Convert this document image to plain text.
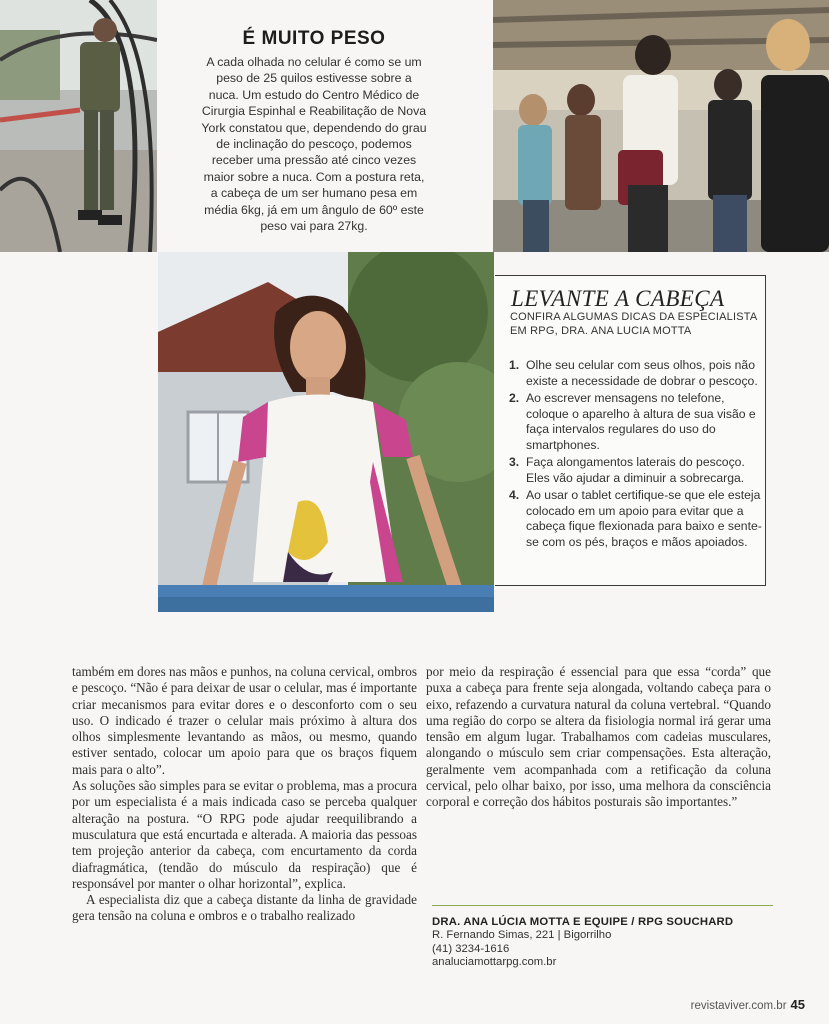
É MUITO PESO

A cada olhada no celular é como se um peso de 25 quilos estivesse sobre a nuca. Um estudo do Centro Médico de Cirurgia Espinhal e Reabilitação de Nova York constatou que, dependendo do grau de inclinação do pescoço, podemos receber uma pressão até cinco vezes maior sobre a nuca. Com a postura reta, a cabeça de um ser humano pesa em média 6kg, já em um ângulo de 60º este peso vai para 27kg.

LEVANTE A CABEÇA
CONFIRA ALGUMAS DICAS DA ESPECIALISTA EM RPG, DRA. ANA LUCIA MOTTA
1. Olhe seu celular com seus olhos, pois não existe a necessidade de dobrar o pescoço.
2. Ao escrever mensagens no telefone, coloque o aparelho à altura de sua visão e faça intervalos regulares do uso do smartphones.
3. Faça alongamentos laterais do pescoço. Eles vão ajudar a diminuir a sobrecarga.
4. Ao usar o tablet certifique-se que ele esteja colocado em um apoio para evitar que a cabeça fique flexionada para baixo e sente-se com os pés, braços e mãos apoiados.

também em dores nas mãos e punhos, na coluna cervical, ombros e pescoço. “Não é para deixar de usar o celular, mas é importante criar mecanismos para evitar dores e o desconforto com o seu uso. O indicado é trazer o celular mais próximo à altura dos olhos simplesmente levantando as mãos, ou mesmo, quando estiver sentado, colocar um apoio para que os braços fiquem mais para o alto”.

As soluções são simples para se evitar o problema, mas a procura por um especialista é a mais indicada caso se perceba qualquer alteração na postura. “O RPG pode ajudar reequilibrando a musculatura que está encurtada e alterada. A maioria das pessoas tem projeção anterior da cabeça, com encurtamento da corda diafragmática, (tendão do músculo da respiração) que é responsável por manter o olhar horizontal”, explica.

A especialista diz que a cabeça distante da linha de gravidade gera tensão na coluna e ombros e o trabalho realizado

por meio da respiração é essencial para que essa “corda” que puxa a cabeça para frente seja alongada, voltando cabeça para o eixo, refazendo a curvatura natural da coluna vertebral. “Quando uma região do corpo se altera da fisiologia normal irá gerar uma tensão em algum lugar. Trabalhamos com cadeias musculares, alongando o músculo sem criar compensações. Esta alteração, geralmente vem acompanhada com a retificação da coluna cervical, pelo olhar baixo, por isso, uma melhora da consciência corporal e correção dos hábitos posturais são importantes.”

DRA. ANA LÚCIA MOTTA E EQUIPE / RPG SOUCHARD
R. Fernando Simas, 221 | Bigorrilho
(41) 3234-1616
analuciamottarpg.com.br
revistaviver.com.br 45
